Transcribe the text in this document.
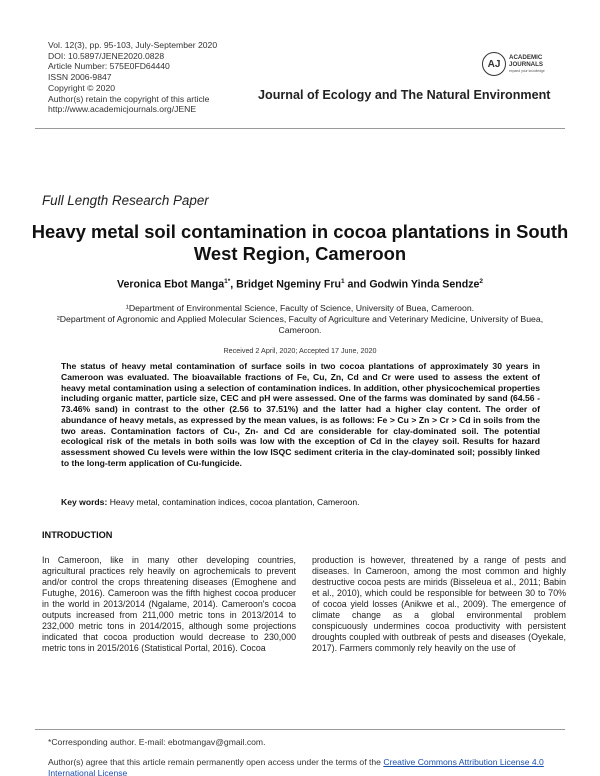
Vol. 12(3), pp. 95-103, July-September 2020
DOI: 10.5897/JENE2020.0828
Article Number: 575E0FD64440
ISSN 2006-9847
Copyright © 2020
Author(s) retain the copyright of this article
http://www.academicjournals.org/JENE
AJ
ACADEMIC
JOURNALS
expand your knowledge
Journal of Ecology and The Natural Environment
Full Length Research Paper
Heavy metal soil contamination in cocoa plantations in South West Region, Cameroon
Veronica Ebot Manga$^{1*}$, Bridget Ngeminy Fru$^1$ and Godwin Yinda Sendze$^2$
¹Department of Environmental Science, Faculty of Science, University of Buea, Cameroon.
²Department of Agronomic and Applied Molecular Sciences, Faculty of Agriculture and Veterinary Medicine, University of Buea, Cameroon.
Received 2 April, 2020; Accepted 17 June, 2020
The status of heavy metal contamination of surface soils in two cocoa plantations of approximately 30 years in Cameroon was evaluated. The bioavailable fractions of Fe, Cu, Zn, Cd and Cr were used to assess the extent of heavy metal contamination using a selection of contamination indices. In addition, other physicochemical properties including organic matter, particle size, CEC and pH were assessed. One of the farms was dominated by sand (64.56 - 73.46% sand) in contrast to the other (2.56 to 37.51%) and the latter had a higher clay content. The order of abundance of heavy metals, as expressed by the mean values, is as follows: Fe > Cu > Zn > Cr > Cd in soils from the two areas. Contamination factors of Cu-, Zn- and Cd are considerable for clay-dominated soil. The potential ecological risk of the metals in both soils was low with the exception of Cd in the clayey soil. Results for hazard assessment showed Cu levels were within the low ISQC sediment criteria in the clay-dominated soil; possibly linked to the long-term application of Cu-fungicide.
Key words: Heavy metal, contamination indices, cocoa plantation, Cameroon.
INTRODUCTION
In Cameroon, like in many other developing countries, agricultural practices rely heavily on agrochemicals to prevent and/or control the crops threatening diseases (Emoghene and Futughe, 2016). Cameroon was the fifth highest cocoa producer in the world in 2013/2014 (Ngalame, 2014). Cameroon's cocoa outputs increased from 211,000 metric tons in 2013/2014 to 232,000 metric tons in 2014/2015, although some projections indicated that cocoa production would decrease to 230,000 metric tons in 2015/2016 (Statistical Portal, 2016). Cocoa
production is however, threatened by a range of pests and diseases. In Cameroon, among the most common and highly destructive cocoa pests are mirids (Bisseleua et al., 2011; Babin et al., 2010), which could be responsible for between 30 to 70% of cocoa yield losses (Anikwe et al., 2009). The emergence of climate change as a global environmental problem conspicuously undermines cocoa productivity with persistent droughts coupled with outbreak of pests and diseases (Oyekale, 2017). Farmers commonly rely heavily on the use of
*Corresponding author. E-mail: ebotmangav@gmail.com.
Author(s) agree that this article remain permanently open access under the terms of the Creative Commons Attribution License 4.0 International License
